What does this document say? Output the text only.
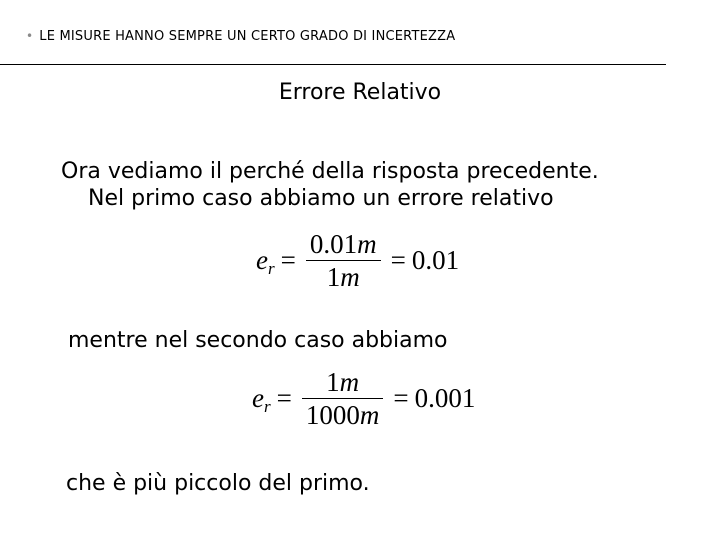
• LE MISURE HANNO SEMPRE UN CERTO GRADO DI INCERTEZZA
Errore Relativo
Ora vediamo il perché della risposta precedente.
Nel primo caso abbiamo un errore relativo
e $r = \frac{0.01m}{1m} = 0.01$
mentre nel secondo caso abbiamo
e $r = \frac{1m}{1000m} = 0.001$
che è più piccolo del primo.
